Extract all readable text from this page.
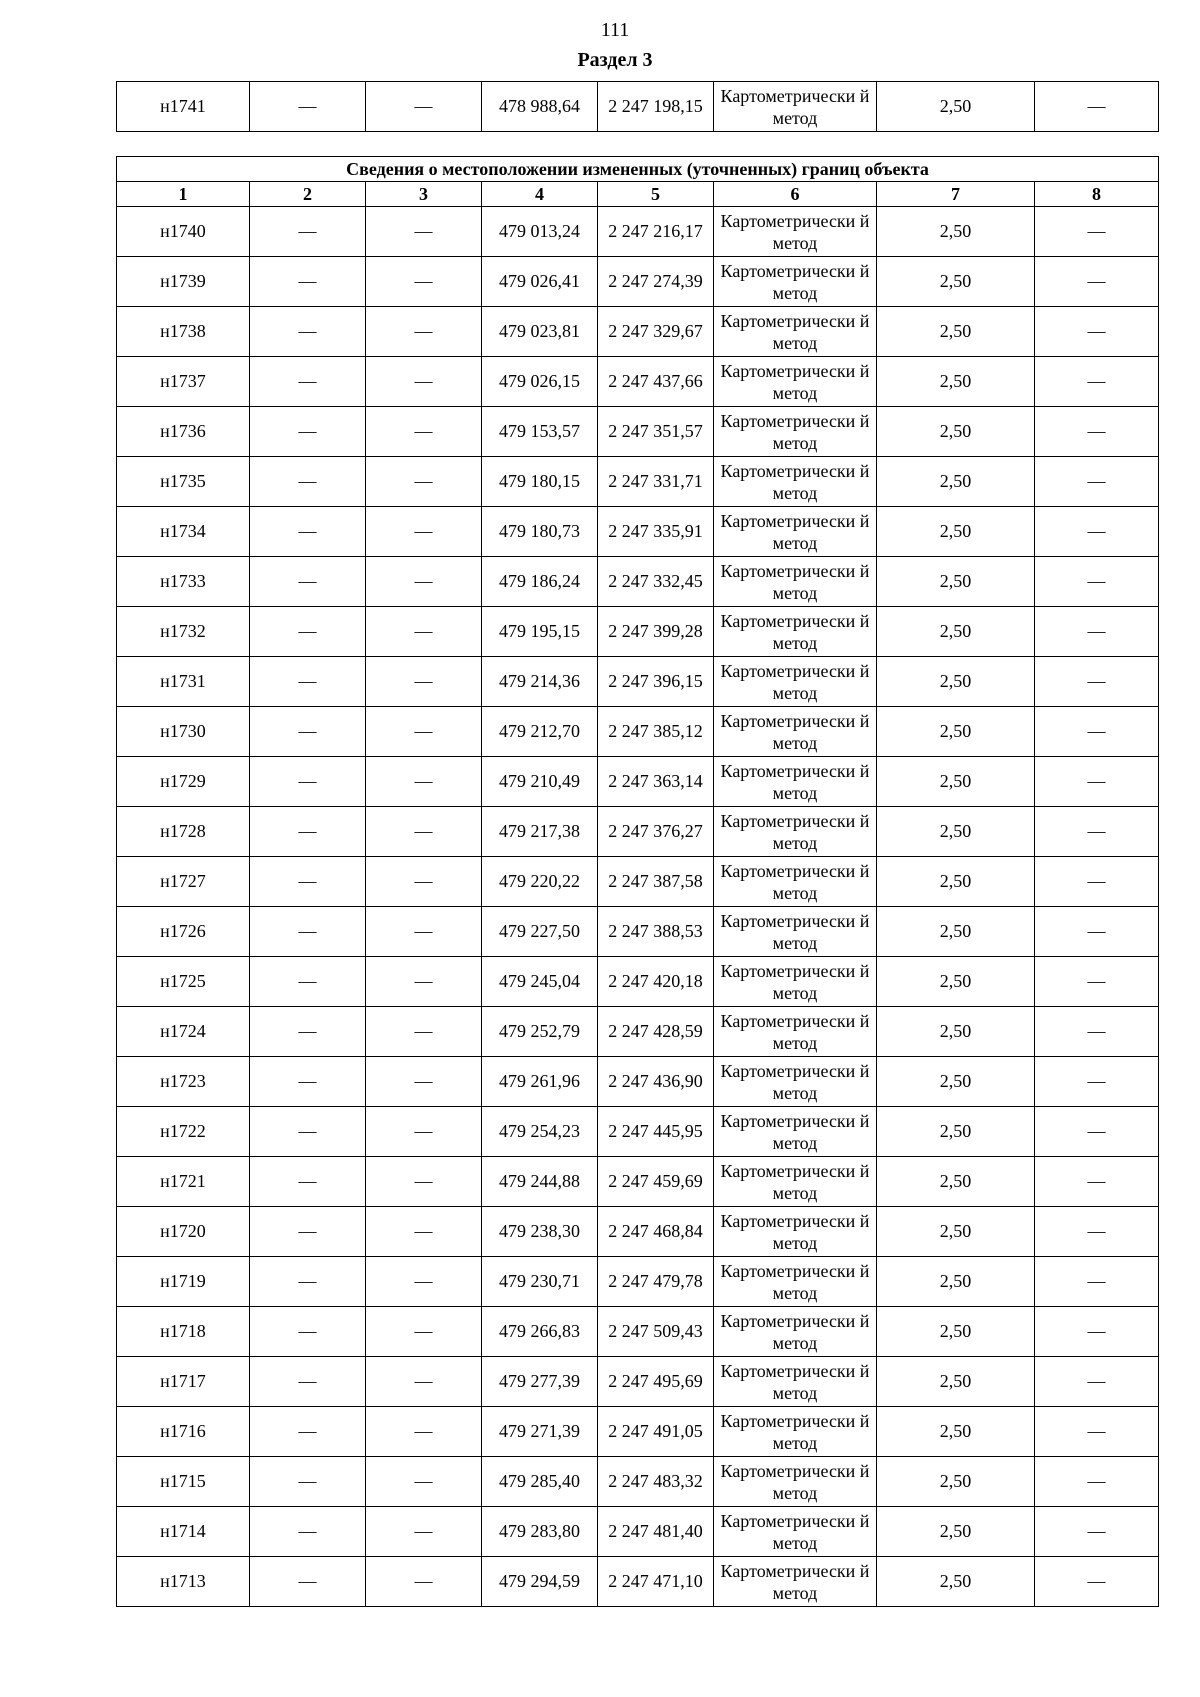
111
Раздел 3
н1741	—	—	478 988,64	2 247 198,15	Картометрически й метод	2,50	—
Сведения о местоположении измененных (уточненных) границ объекта							
1	2	3	4	5	6	7	8
н1740	—	—	479 013,24	2 247 216,17	Картометрически й метод	2,50	—
н1739	—	—	479 026,41	2 247 274,39	Картометрически й метод	2,50	—
н1738	—	—	479 023,81	2 247 329,67	Картометрически й метод	2,50	—
н1737	—	—	479 026,15	2 247 437,66	Картометрически й метод	2,50	—
н1736	—	—	479 153,57	2 247 351,57	Картометрически й метод	2,50	—
н1735	—	—	479 180,15	2 247 331,71	Картометрически й метод	2,50	—
н1734	—	—	479 180,73	2 247 335,91	Картометрически й метод	2,50	—
н1733	—	—	479 186,24	2 247 332,45	Картометрически й метод	2,50	—
н1732	—	—	479 195,15	2 247 399,28	Картометрически й метод	2,50	—
н1731	—	—	479 214,36	2 247 396,15	Картометрически й метод	2,50	—
н1730	—	—	479 212,70	2 247 385,12	Картометрически й метод	2,50	—
н1729	—	—	479 210,49	2 247 363,14	Картометрически й метод	2,50	—
н1728	—	—	479 217,38	2 247 376,27	Картометрически й метод	2,50	—
н1727	—	—	479 220,22	2 247 387,58	Картометрически й метод	2,50	—
н1726	—	—	479 227,50	2 247 388,53	Картометрически й метод	2,50	—
н1725	—	—	479 245,04	2 247 420,18	Картометрически й метод	2,50	—
н1724	—	—	479 252,79	2 247 428,59	Картометрически й метод	2,50	—
н1723	—	—	479 261,96	2 247 436,90	Картометрически й метод	2,50	—
н1722	—	—	479 254,23	2 247 445,95	Картометрически й метод	2,50	—
н1721	—	—	479 244,88	2 247 459,69	Картометрически й метод	2,50	—
н1720	—	—	479 238,30	2 247 468,84	Картометрически й метод	2,50	—
н1719	—	—	479 230,71	2 247 479,78	Картометрически й метод	2,50	—
н1718	—	—	479 266,83	2 247 509,43	Картометрически й метод	2,50	—
н1717	—	—	479 277,39	2 247 495,69	Картометрически й метод	2,50	—
н1716	—	—	479 271,39	2 247 491,05	Картометрически й метод	2,50	—
н1715	—	—	479 285,40	2 247 483,32	Картометрически й метод	2,50	—
н1714	—	—	479 283,80	2 247 481,40	Картометрически й метод	2,50	—
н1713	—	—	479 294,59	2 247 471,10	Картометрически й метод	2,50	—
